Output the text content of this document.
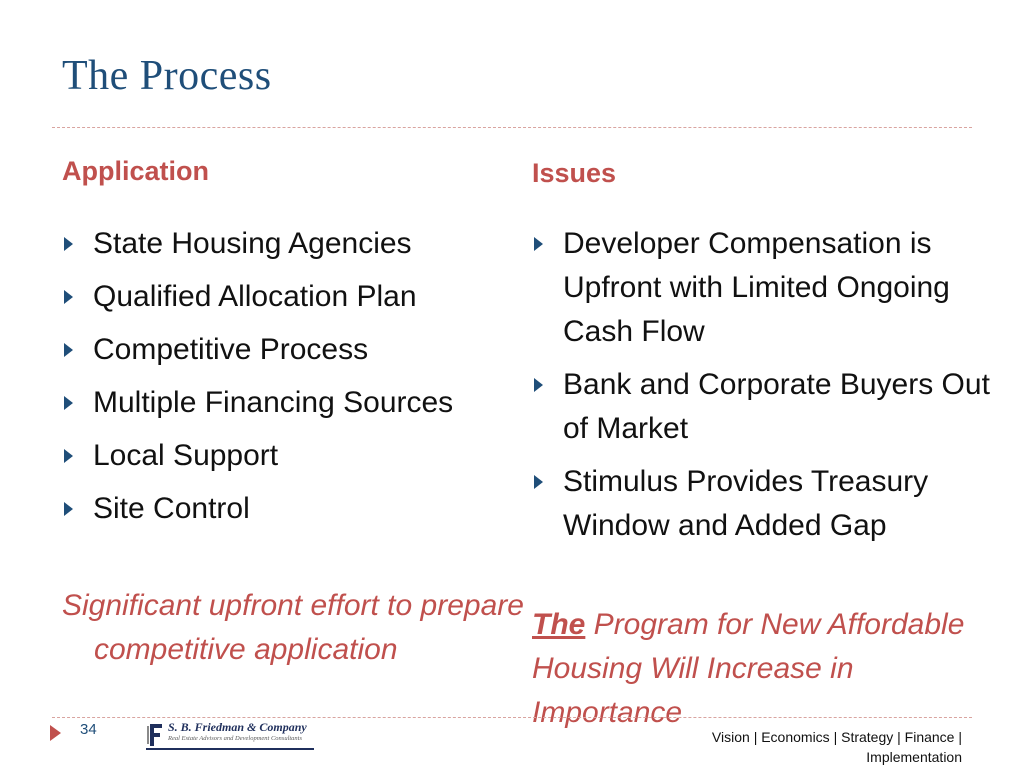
The Process
Application	Issues
State Housing Agencies
Qualified Allocation Plan
Competitive Process
Multiple Financing Sources
Local Support
Site Control
Developer Compensation is Upfront with Limited Ongoing Cash Flow
Bank and Corporate Buyers Out of Market
Stimulus Provides Treasury Window and Added Gap

Significant upfront effort to prepare competitive application

The Program for New Affordable Housing Will Increase in Importance

34	S. B. Friedman & Company
Real Estate Advisors and Development Consultants	Vision | Economics | Strategy | Finance | Implementation
